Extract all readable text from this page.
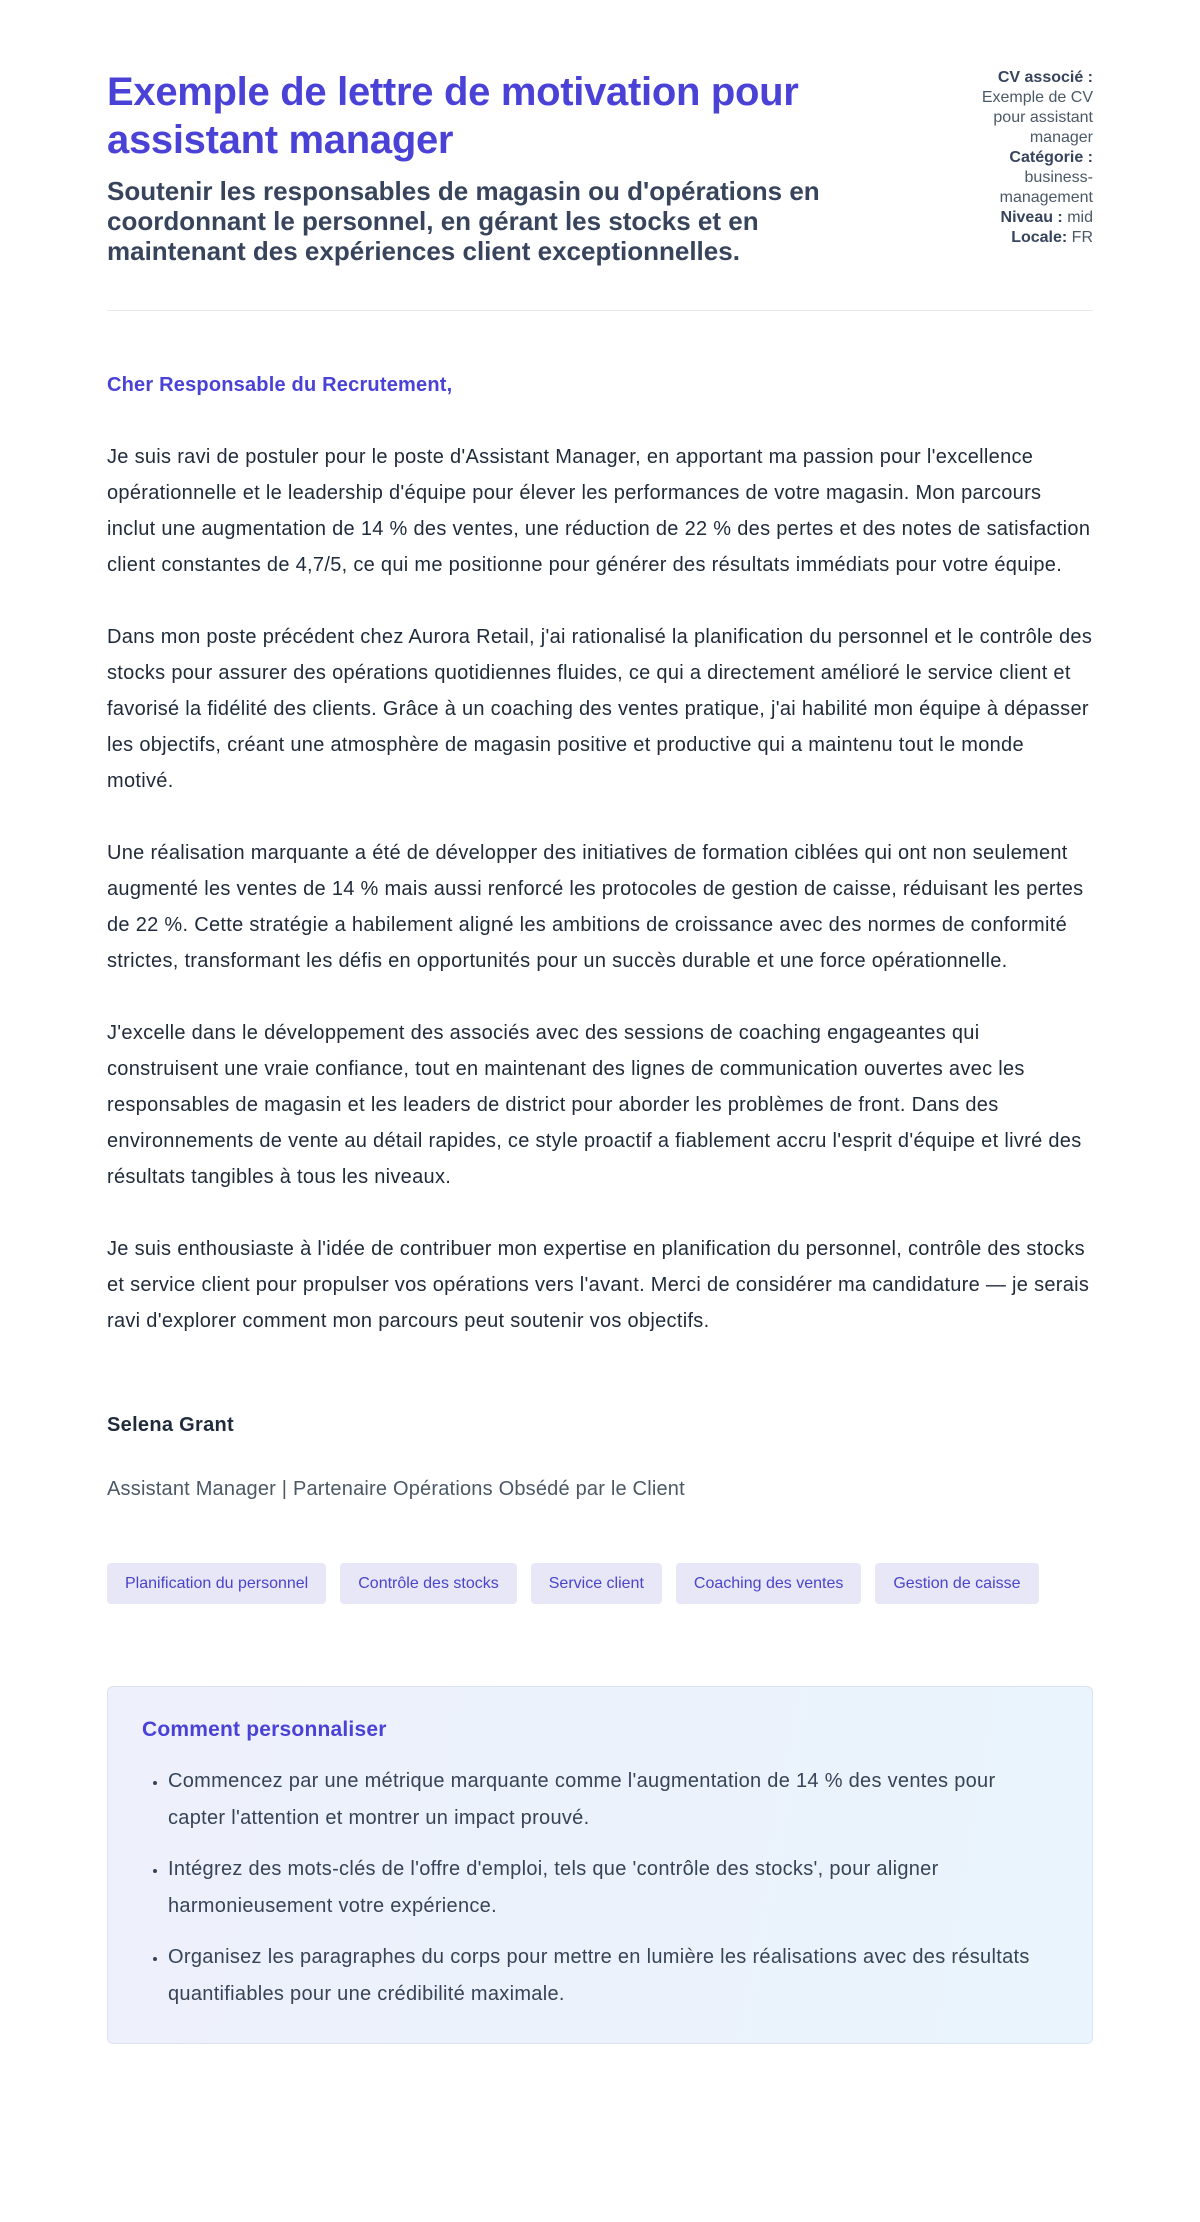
Exemple de lettre de motivation pour assistant manager

Soutenir les responsables de magasin ou d'opérations en coordonnant le personnel, en gérant les stocks et en maintenant des expériences client exceptionnelles.

CV associé : Exemple de CV pour assistant manager
Catégorie : business-management
Niveau : mid
Locale: FR

Cher Responsable du Recrutement,

Je suis ravi de postuler pour le poste d'Assistant Manager, en apportant ma passion pour l'excellence opérationnelle et le leadership d'équipe pour élever les performances de votre magasin. Mon parcours inclut une augmentation de 14 % des ventes, une réduction de 22 % des pertes et des notes de satisfaction client constantes de 4,7/5, ce qui me positionne pour générer des résultats immédiats pour votre équipe.

Dans mon poste précédent chez Aurora Retail, j'ai rationalisé la planification du personnel et le contrôle des stocks pour assurer des opérations quotidiennes fluides, ce qui a directement amélioré le service client et favorisé la fidélité des clients. Grâce à un coaching des ventes pratique, j'ai habilité mon équipe à dépasser les objectifs, créant une atmosphère de magasin positive et productive qui a maintenu tout le monde motivé.

Une réalisation marquante a été de développer des initiatives de formation ciblées qui ont non seulement augmenté les ventes de 14 % mais aussi renforcé les protocoles de gestion de caisse, réduisant les pertes de 22 %. Cette stratégie a habilement aligné les ambitions de croissance avec des normes de conformité strictes, transformant les défis en opportunités pour un succès durable et une force opérationnelle.

J'excelle dans le développement des associés avec des sessions de coaching engageantes qui construisent une vraie confiance, tout en maintenant des lignes de communication ouvertes avec les responsables de magasin et les leaders de district pour aborder les problèmes de front. Dans des environnements de vente au détail rapides, ce style proactif a fiablement accru l'esprit d'équipe et livré des résultats tangibles à tous les niveaux.

Je suis enthousiaste à l'idée de contribuer mon expertise en planification du personnel, contrôle des stocks et service client pour propulser vos opérations vers l'avant. Merci de considérer ma candidature — je serais ravi d'explorer comment mon parcours peut soutenir vos objectifs.

Selena Grant

Assistant Manager | Partenaire Opérations Obsédé par le Client

Planification du personnel	Contrôle des stocks	Service client	Coaching des ventes	Gestion de caisse
Comment personnaliser
• Commencez par une métrique marquante comme l'augmentation de 14 % des ventes pour capter l'attention et montrer un impact prouvé.
• Intégrez des mots-clés de l'offre d'emploi, tels que 'contrôle des stocks', pour aligner harmonieusement votre expérience.
• Organisez les paragraphes du corps pour mettre en lumière les réalisations avec des résultats quantifiables pour une crédibilité maximale.
